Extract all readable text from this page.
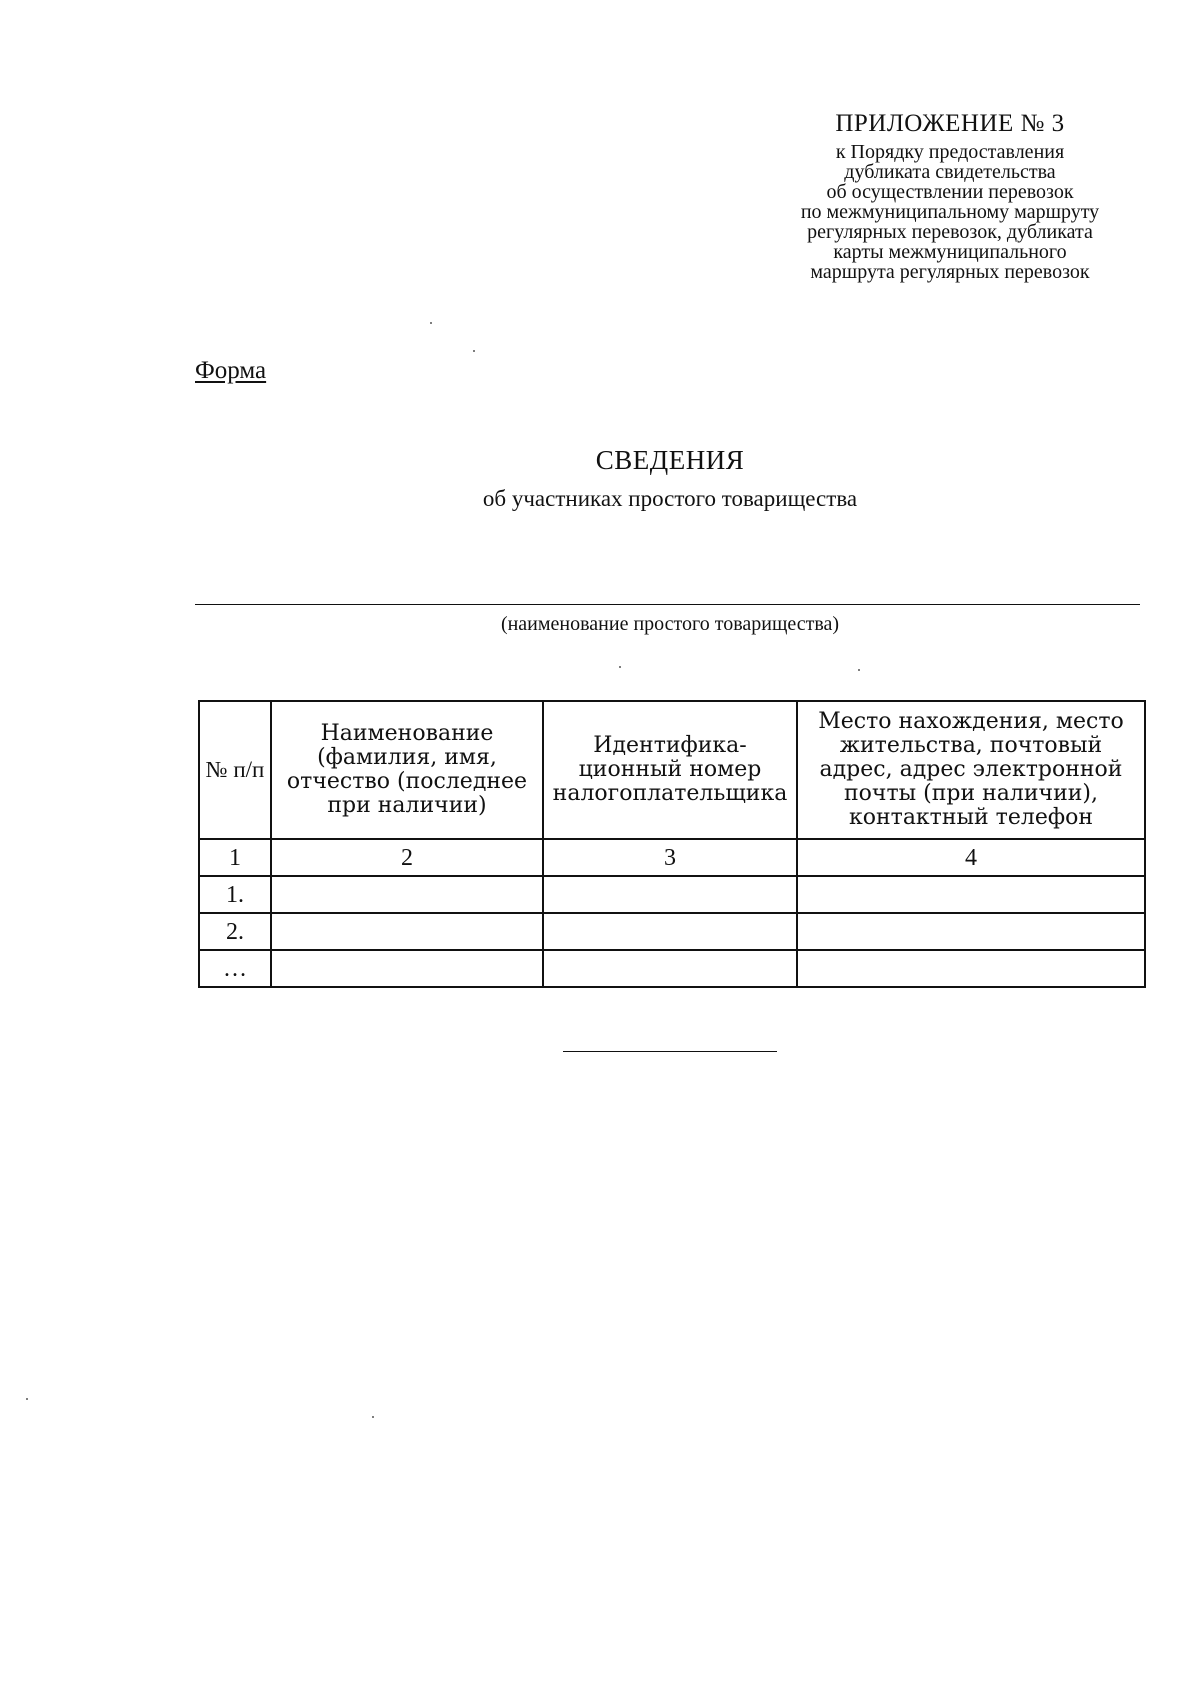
ПРИЛОЖЕНИЕ № 3
к Порядку предоставления
дубликата свидетельства
об осуществлении перевозок
по межмуниципальному маршруту
регулярных перевозок, дубликата
карты межмуниципального
маршрута регулярных перевозок
Форма
СВЕДЕНИЯ
об участниках простого товарищества
(наименование простого товарищества)
№ п/п	Наименование (фамилия, имя, отчество (последнее при наличии)	Идентифика-ционный номер налогоплательщика	Место нахождения, место жительства, почтовый адрес, адрес электронной почты (при наличии), контактный телефон
1	2	3	4
1.			
2.			
…			
